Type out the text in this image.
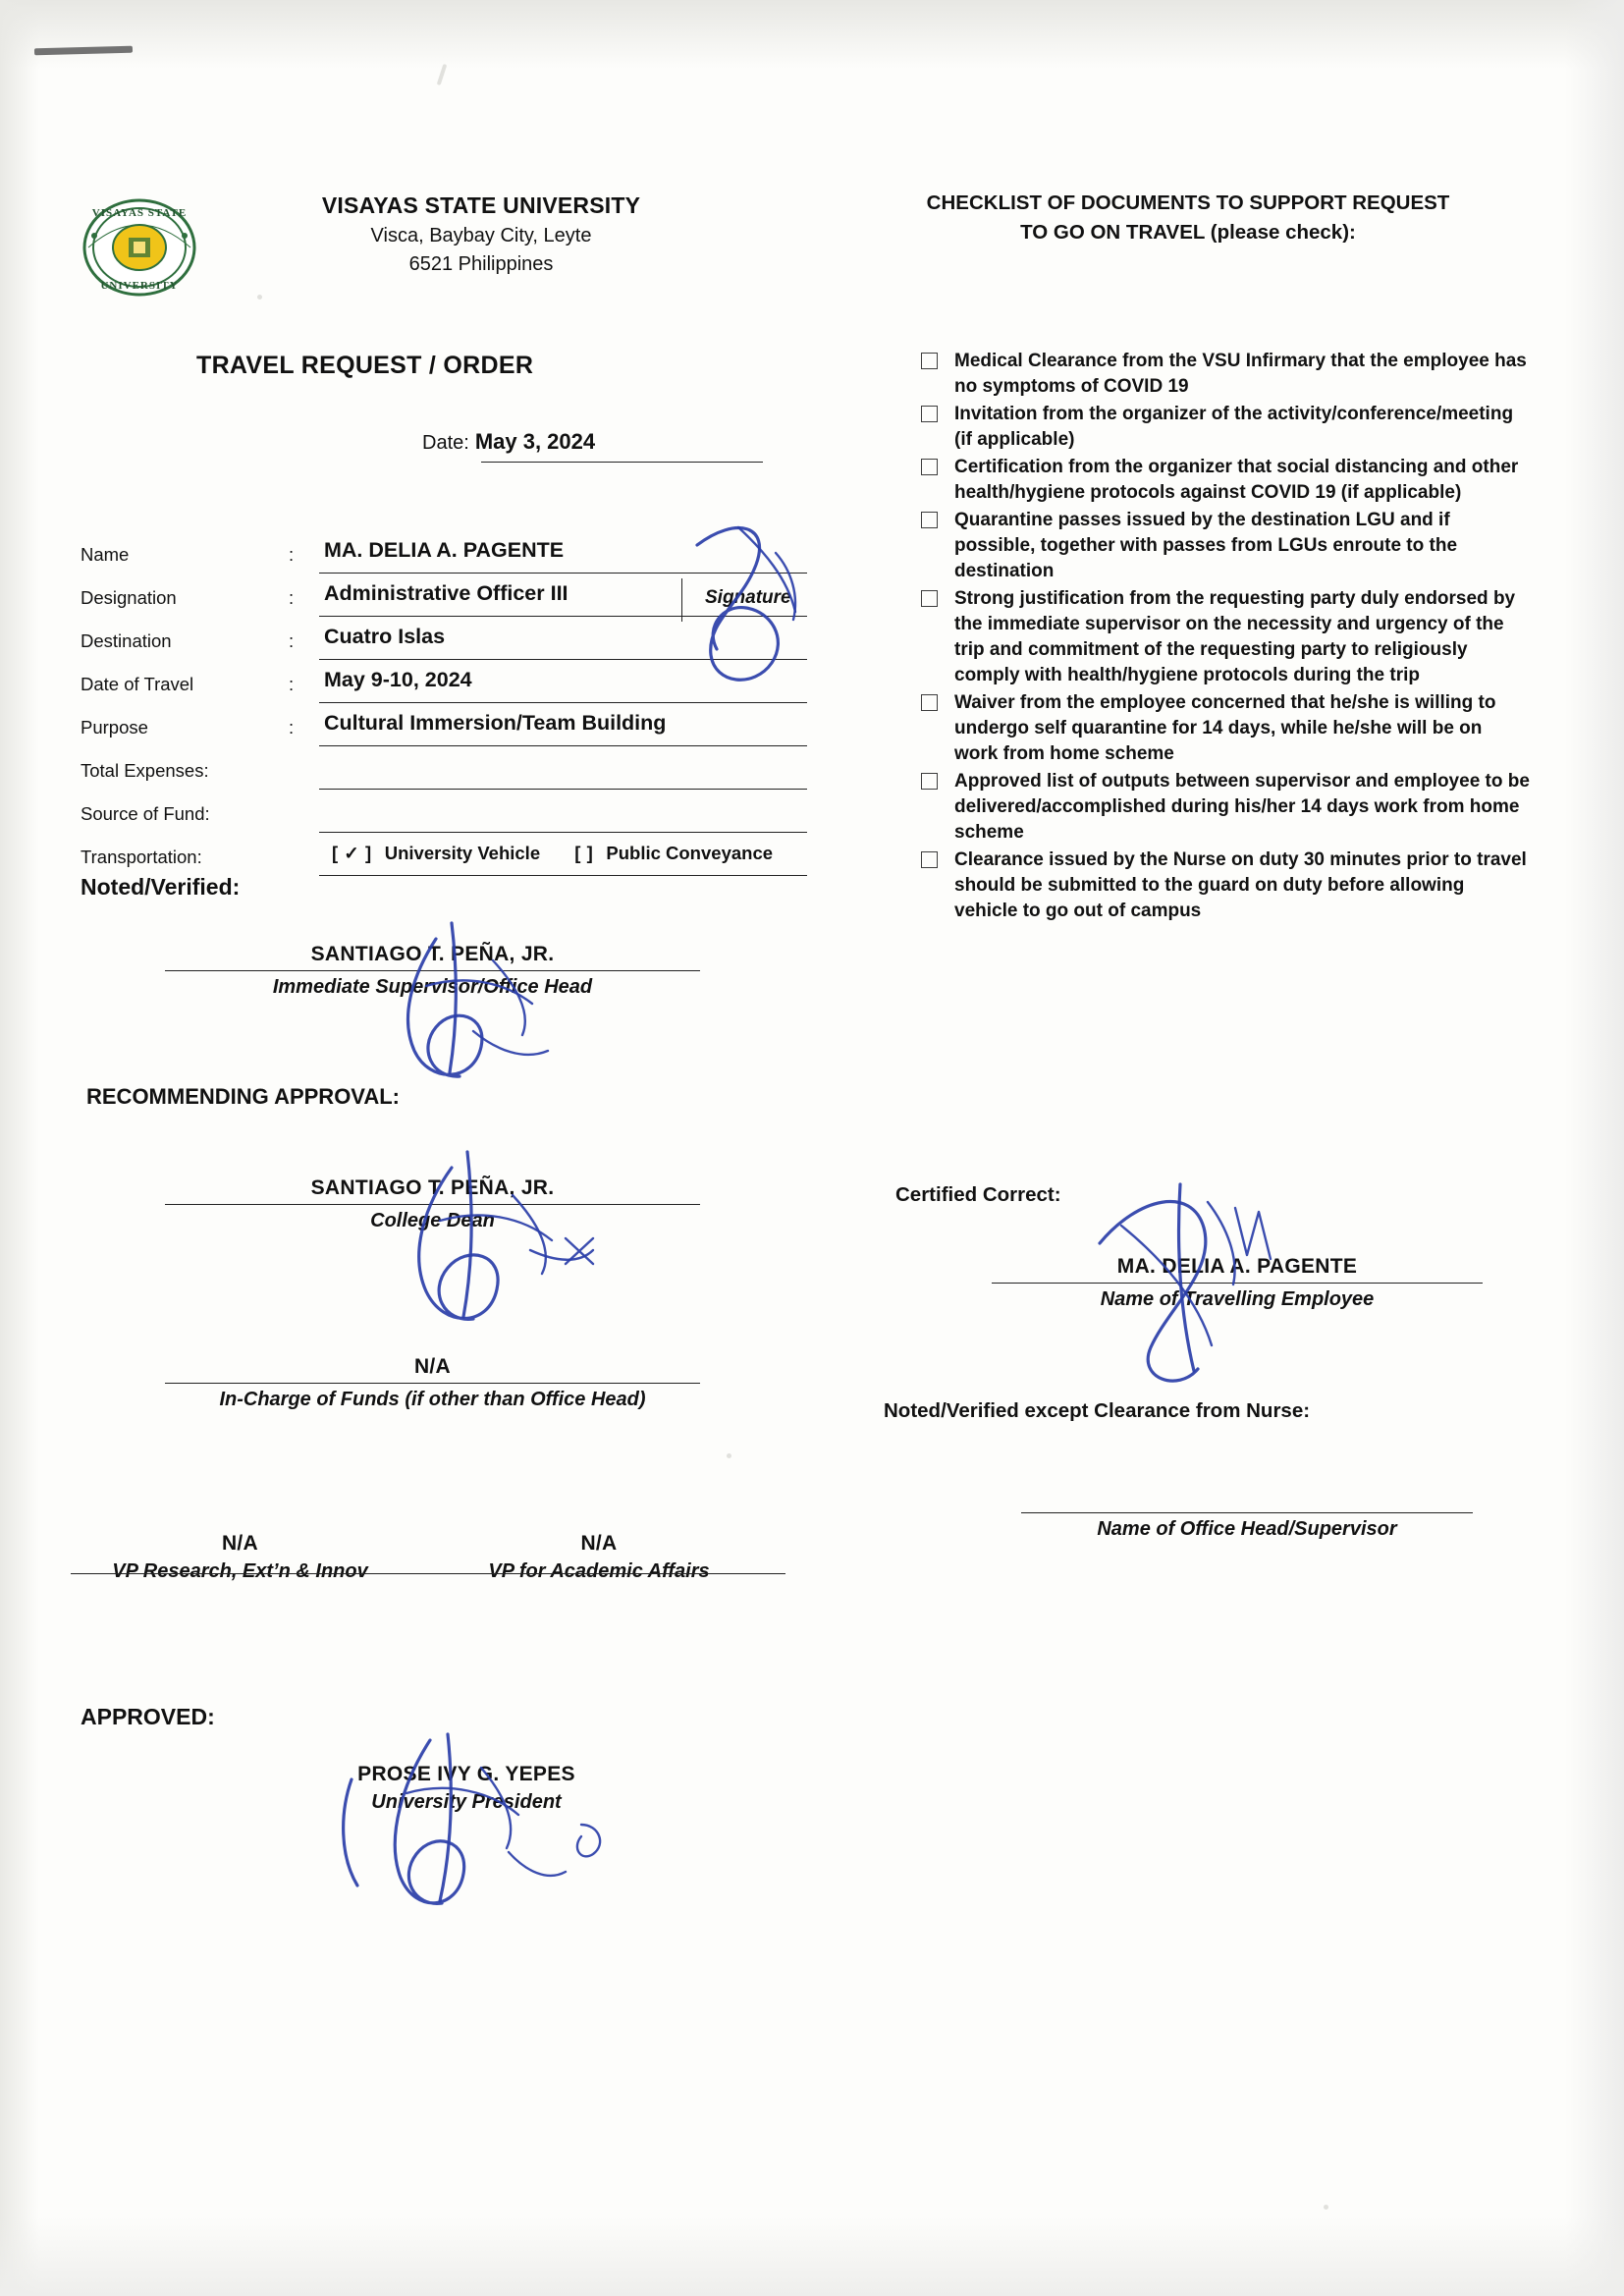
VISAYAS STATE
UNIVERSITY
VISAYAS STATE UNIVERSITY
Visca, Baybay City, Leyte
6521 Philippines
CHECKLIST OF DOCUMENTS TO SUPPORT REQUEST
TO GO ON TRAVEL (please check):
TRAVEL REQUEST / ORDER
Date: May 3, 2024
Name	: MA. DELIA A. PAGENTE
Designation	: Administrative Officer III	Signature
Destination	: Cuatro Islas
Date of Travel	: May 9-10, 2024
Purpose	: Cultural Immersion/Team Building
Total Expenses:
Source of Fund:
Transportation:	[ ✓ ] University Vehicle [ ] Public Conveyance
Noted/Verified:
SANTIAGO T. PEÑA, JR.
Immediate Supervisor/Office Head
RECOMMENDING APPROVAL:
SANTIAGO T. PEÑA, JR.
College Dean
N/A
In-Charge of Funds (if other than Office Head)
N/A
VP Research, Ext’n & Innov
N/A
VP for Academic Affairs
APPROVED:
PROSE IVY G. YEPES
University President
Medical Clearance from the VSU Infirmary that the employee has no symptoms of COVID 19
Invitation from the organizer of the activity/conference/meeting (if applicable)
Certification from the organizer that social distancing and other health/hygiene protocols against COVID 19 (if applicable)
Quarantine passes issued by the destination LGU and if possible, together with passes from LGUs enroute to the destination
Strong justification from the requesting party duly endorsed by the immediate supervisor on the necessity and urgency of the trip and commitment of the requesting party to religiously comply with health/hygiene protocols during the trip
Waiver from the employee concerned that he/she is willing to undergo self quarantine for 14 days, while he/she will be on work from home scheme
Approved list of outputs between supervisor and employee to be delivered/accomplished during his/her 14 days work from home scheme
Clearance issued by the Nurse on duty 30 minutes prior to travel should be submitted to the guard on duty before allowing vehicle to go out of campus
Certified Correct:
MA. DELIA A. PAGENTE
Name of Travelling Employee
Noted/Verified except Clearance from Nurse:
Name of Office Head/Supervisor
